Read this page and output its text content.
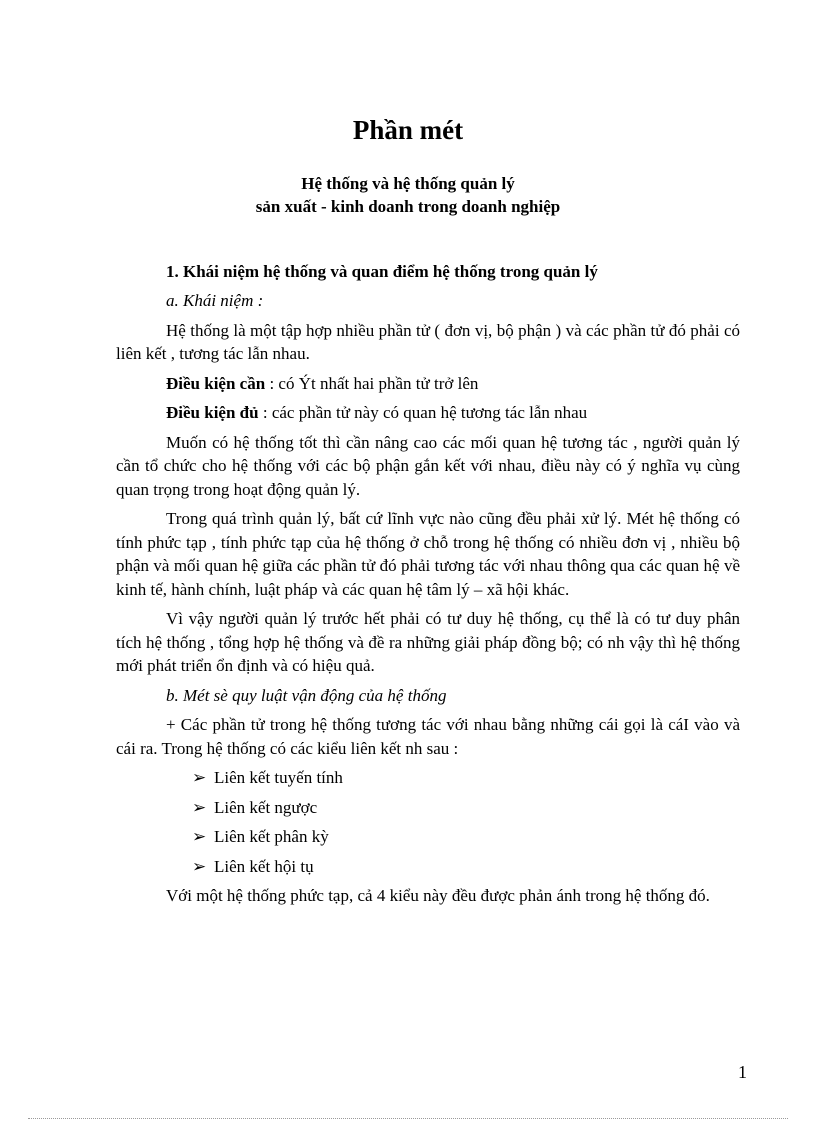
Phần mét
Hệ thống và hệ thống quản lý
sản xuất - kinh doanh trong doanh nghiệp
1. Khái niệm hệ thống và quan điểm hệ thống trong quản lý

a. Khái niệm :

Hệ thống là một tập hợp nhiều phần tử ( đơn vị, bộ phận ) và các phần tử đó phải có liên kết , tương tác lẫn nhau.

Điều kiện cần : có Ýt nhất hai phần tử trở lên

Điều kiện đủ : các phần tử này có quan hệ tương tác lẫn nhau

Muốn có hệ thống tốt thì cần nâng cao các mối quan hệ tương tác , người quản lý cần tổ chức cho hệ thống với các bộ phận gắn kết với nhau, điều này có ý nghĩa vụ cùng quan trọng trong hoạt động quản lý.

Trong quá trình quản lý, bất cứ lĩnh vực nào cũng đều phải xử lý. Mét hệ thống có tính phức tạp , tính phức tạp của hệ thống ở chỗ trong hệ thống có nhiều đơn vị , nhiều bộ phận và mối quan hệ giữa các phần tử đó phải tương tác với nhau thông qua các quan hệ về kinh tế, hành chính, luật pháp và các quan hệ tâm lý – xã hội khác.

Vì vậy người quản lý trước hết phải có tư duy hệ thống, cụ thể là có tư duy phân tích hệ thống , tổng hợp hệ thống và đề ra những giải pháp đồng bộ; có nh vậy thì hệ thống mới phát triển ổn định và có hiệu quả.

b. Mét sè quy luật vận động của hệ thống

+ Các phần tử trong hệ thống tương tác với nhau bằng những cái gọi là cáI vào và cái ra. Trong hệ thống có các kiểu liên kết nh sau :

➢ Liên kết tuyến tính
➢ Liên kết ngược
➢ Liên kết phân kỳ
➢ Liên kết hội tụ

Với một hệ thống phức tạp, cả 4 kiểu này đều được phản ánh trong hệ thống đó.

1
